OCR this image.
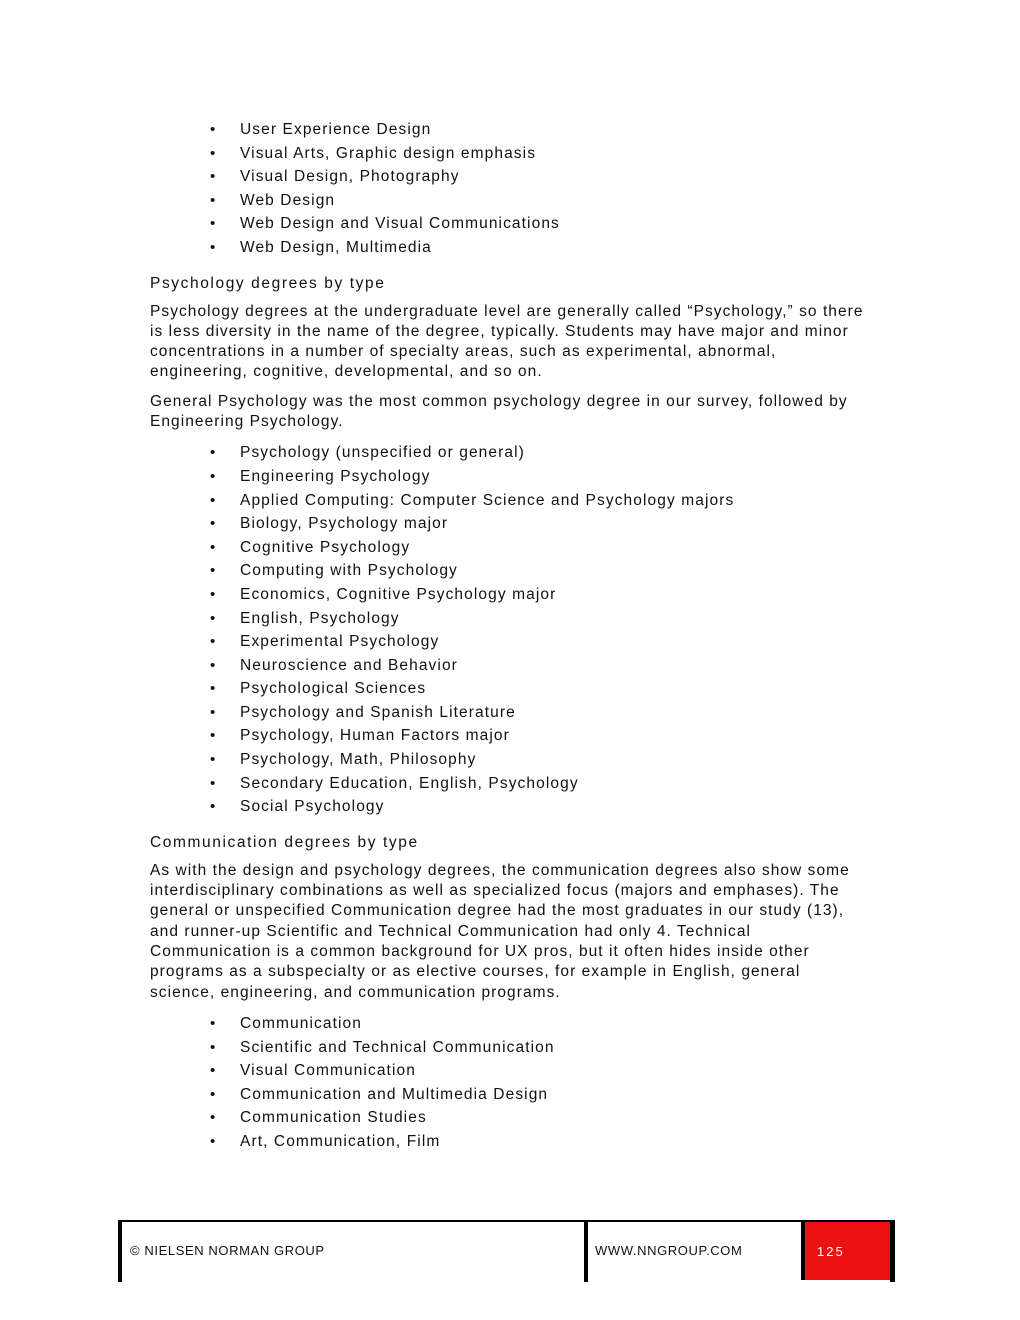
• User Experience Design
• Visual Arts, Graphic design emphasis
• Visual Design, Photography
• Web Design
• Web Design and Visual Communications
• Web Design, Multimedia
Psychology degrees by type

Psychology degrees at the undergraduate level are generally called “Psychology,” so there is less diversity in the name of the degree, typically. Students may have major and minor concentrations in a number of specialty areas, such as experimental, abnormal, engineering, cognitive, developmental, and so on.

General Psychology was the most common psychology degree in our survey, followed by Engineering Psychology.

• Psychology (unspecified or general)
• Engineering Psychology
• Applied Computing: Computer Science and Psychology majors
• Biology, Psychology major
• Cognitive Psychology
• Computing with Psychology
• Economics, Cognitive Psychology major
• English, Psychology
• Experimental Psychology
• Neuroscience and Behavior
• Psychological Sciences
• Psychology and Spanish Literature
• Psychology, Human Factors major
• Psychology, Math, Philosophy
• Secondary Education, English, Psychology
• Social Psychology
Communication degrees by type

As with the design and psychology degrees, the communication degrees also show some interdisciplinary combinations as well as specialized focus (majors and emphases). The general or unspecified Communication degree had the most graduates in our study (13), and runner-up Scientific and Technical Communication had only 4. Technical Communication is a common background for UX pros, but it often hides inside other programs as a subspecialty or as elective courses, for example in English, general science, engineering, and communication programs.

• Communication
• Scientific and Technical Communication
• Visual Communication
• Communication and Multimedia Design
• Communication Studies
• Art, Communication, Film
© NIELSEN NORMAN GROUP	WWW.NNGROUP.COM	125
